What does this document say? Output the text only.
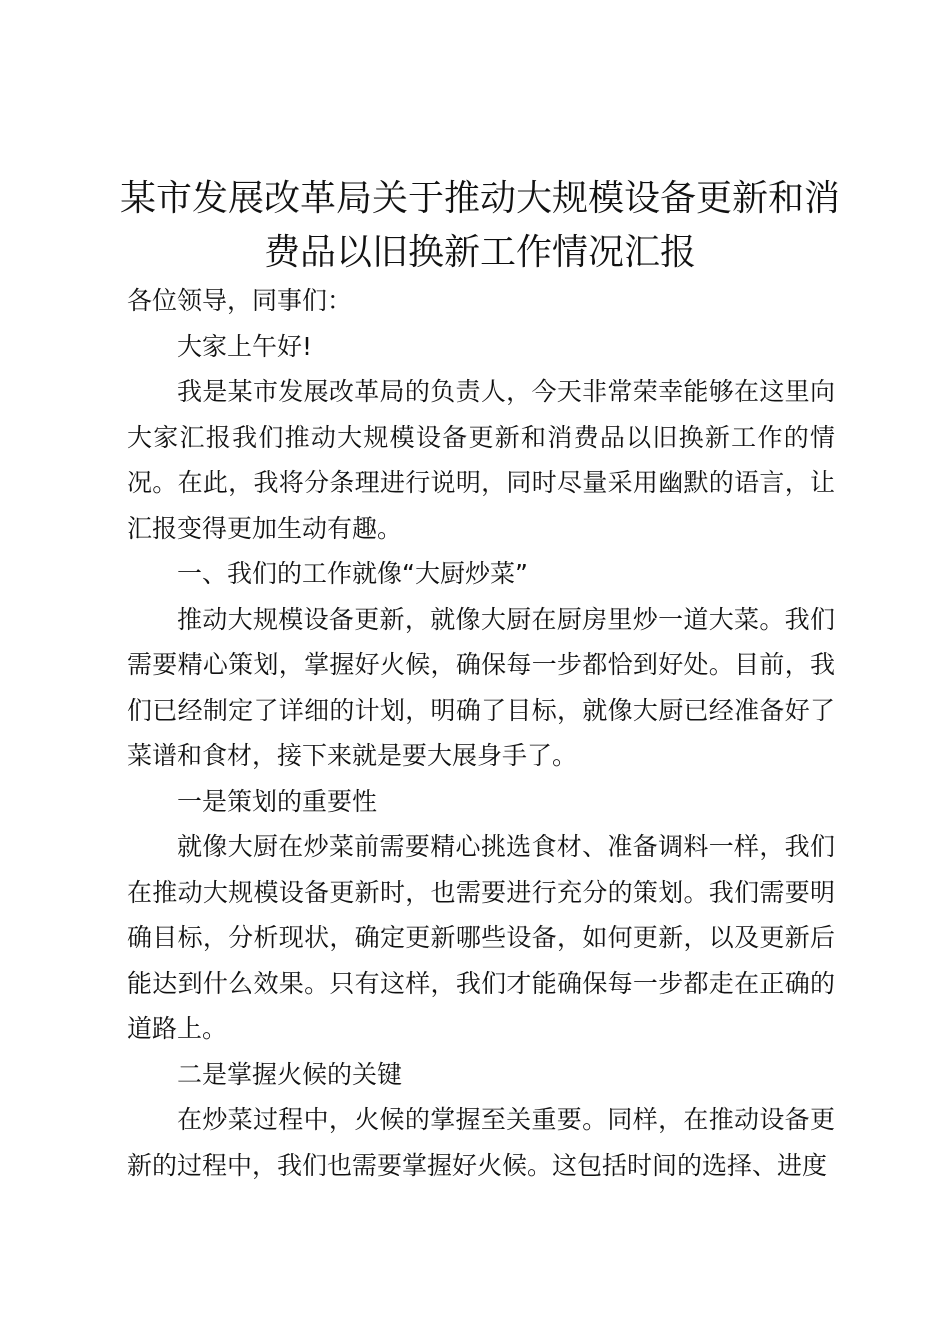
某市发展改革局关于推动大规模设备更新和消费品以旧换新工作情况汇报

各位领导，同事们：

大家上午好!

我是某市发展改革局的负责人，今天非常荣幸能够在这里向大家汇报我们推动大规模设备更新和消费品以旧换新工作的情况。在此，我将分条理进行说明，同时尽量采用幽默的语言，让汇报变得更加生动有趣。

一、我们的工作就像“大厨炒菜”

推动大规模设备更新，就像大厨在厨房里炒一道大菜。我们需要精心策划，掌握好火候，确保每一步都恰到好处。目前，我们已经制定了详细的计划，明确了目标，就像大厨已经准备好了菜谱和食材，接下来就是要大展身手了。

一是策划的重要性

就像大厨在炒菜前需要精心挑选食材、准备调料一样，我们在推动大规模设备更新时，也需要进行充分的策划。我们需要明确目标，分析现状，确定更新哪些设备，如何更新，以及更新后能达到什么效果。只有这样，我们才能确保每一步都走在正确的道路上。

二是掌握火候的关键

在炒菜过程中，火候的掌握至关重要。同样，在推动设备更新的过程中，我们也需要掌握好火候。这包括时间的选择、进度
